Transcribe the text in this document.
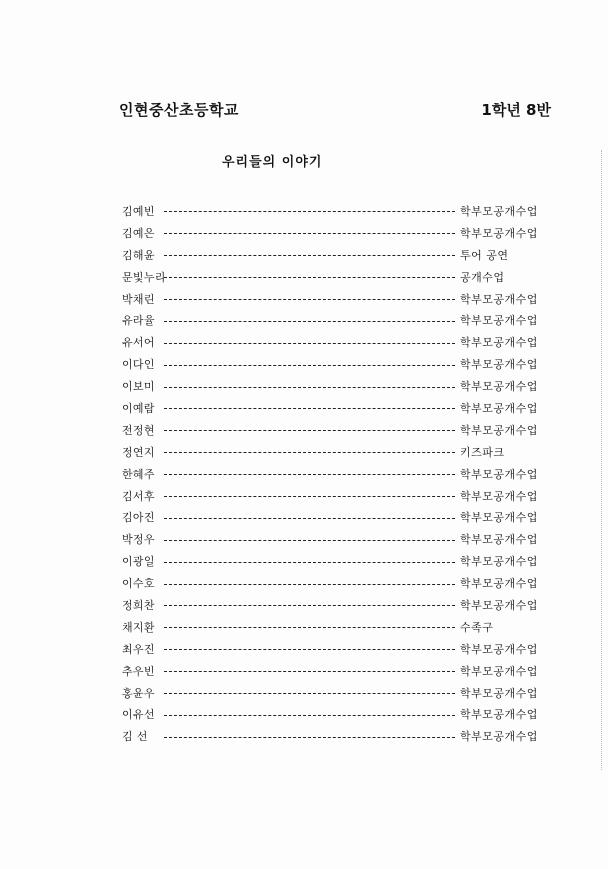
인현중산초등학교	1학년 8반
우리들의 이야기
김예빈	학부모공개수업
김예은	학부모공개수업
김해윤	투어 공연
문빛누리	공개수업
박채린	학부모공개수업
유라율	학부모공개수업
유서어	학부모공개수업
이다인	학부모공개수업
이보미	학부모공개수업
이예람	학부모공개수업
전정현	학부모공개수업
정연지	키즈파크
한혜주	학부모공개수업
김서후	학부모공개수업
김아진	학부모공개수업
박정우	학부모공개수업
이광일	학부모공개수업
이수호	학부모공개수업
정희찬	학부모공개수업
채지환	수족구
최우진	학부모공개수업
추우빈	학부모공개수업
홍윤우	학부모공개수업
이유선	학부모공개수업
김 선	학부모공개수업
